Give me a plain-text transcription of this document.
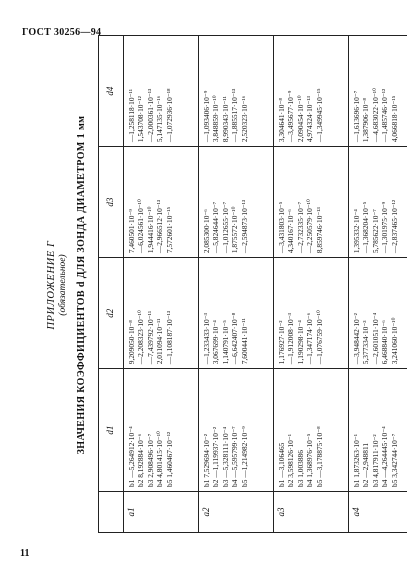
ГОСТ 30256—94
ПРИЛОЖЕНИЕ Г (обязательное) ЗНАЧЕНИЯ КОЭФФИЦИЕНТОВ d ДЛЯ ЗОНДА ДИАМЕТРОМ 1 мм
	d1	d2	d3	d4
a1	b1 —5,264912·10⁻⁴ b2 8,192884·10⁻⁶ b3 2,908496·10⁻⁷ b4 4,801415·10⁻¹⁰ b5 1,460467·10⁻¹²	9,209050·10⁻⁸ —2,208323·10⁻¹⁰ —7,439792·10⁻¹¹ 2,011094·10⁻¹¹ —1,108187·10⁻¹³	7,460501·10⁻⁹ —6,024561·10⁻¹⁰ 1,944416·10⁻¹⁰ —2,966512·10⁻¹³ 7,572601·10⁻¹⁵	—1,258118·10⁻¹¹ 1,543708·10⁻¹² —2,000361·10⁻¹³ 5,147135·10⁻¹⁶ —1,072936·10⁻¹⁸

a2	b1 7,529694·10⁻² b2 —1,119937·10⁻² b3 —5,328111·10⁻⁴ b4 —5,595799·10⁻⁷ b5 —1,214982·10⁻⁹	—1,233433·10⁻³ 3,067699·10⁻⁴ 1,140791·10⁻⁵ —6,642407·10⁻⁸ 7,600441·10⁻¹¹	2,085300·10⁻⁶ —5,824644·10⁻⁷ —1,012655·10⁻⁷ 1,875572·10⁻¹⁰ —2,594873·10⁻¹³	—1,093406·10⁻⁹ 3,848859·10⁻¹⁰ 8,990343·10⁻¹¹ —1,885517·10⁻¹³ 2,520323·10⁻¹⁶

a3	b1 —3,106465 b2 3,598126·10⁻¹ b3 1,003886 b4 1,368976·10⁻⁵ b5 —3,178875·10⁻⁸	1,176927·10⁻² —1,912008·10⁻³ 1,190298·10⁻⁴ —1,347174·10⁻⁶ —1,076759·10⁻¹⁰	—3,431803·10⁻⁵ 4,340167·10⁻⁶ —2,732335·10⁻⁷ —2,250579·10⁻¹⁰ 8,859746·10⁻¹³	3,304641·10⁻⁸ —3,495677·10⁻⁹ 2,090454·10⁻¹⁰ 4,974324·10⁻¹³ —1,349945·10⁻¹⁵

a4	b1 1,873263·10⁻¹ b2 —2,948811 b3 4,817911·10⁻² b4 —4,264445·10⁻⁴ b5 3,342744·10⁻⁷	—3,948442·10⁻² 5,377334·10⁻³ —2,601051·10⁻⁴ 6,468840·10⁻⁶ 3,241060·10⁻¹⁰	1,395332·10⁻⁴ —1,368204·10⁻⁵ 5,785622·10⁻⁷ —1,301975·10⁻⁹ —2,837465·10⁻¹²	—1,613696·10⁻⁷ 1,387906·10⁻⁸ —4,683022·10⁻¹⁰ —1,485746·10⁻¹² 4,066818·10⁻¹⁵
11
